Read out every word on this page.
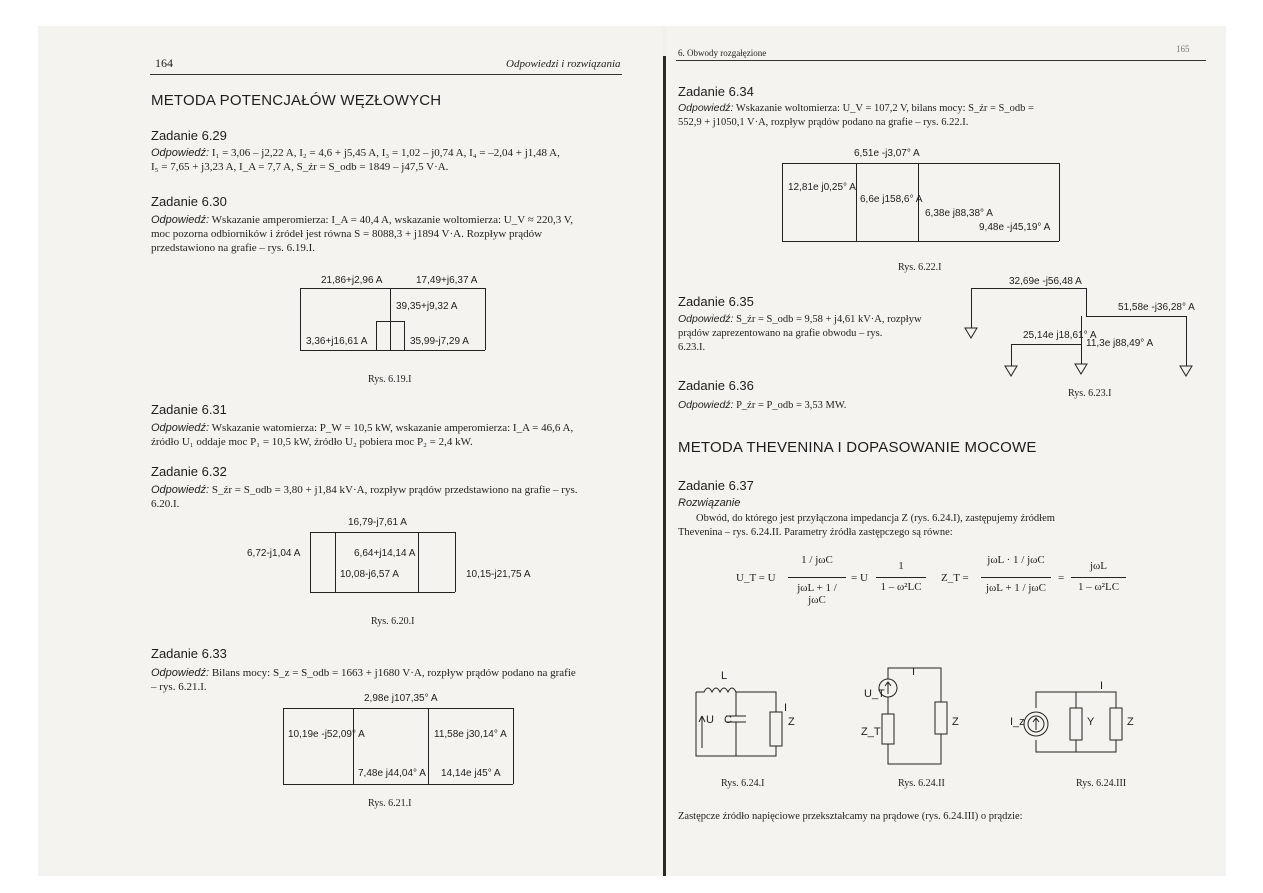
164	Odpowiedzi i rozwiązania
METODA POTENCJAŁÓW WĘZŁOWYCH
Zadanie 6.29
Odpowiedź: I₁ = 3,06 – j2,22 A, I₂ = 4,6 + j5,45 A, I₃ = 1,02 – j0,74 A, I₄ = –2,04 + j1,48 A,
I₅ = 7,65 + j3,23 A, I_A = 7,7 A, S_źr = S_odb = 1849 – j47,5 V·A.
Zadanie 6.30
Odpowiedź: Wskazanie amperomierza: I_A = 40,4 A, wskazanie woltomierza: U_V ≈ 220,3 V,
moc pozorna odbiorników i źródeł jest równa S = 8088,3 + j1894 V·A. Rozpływ prądów
przedstawiono na grafie – rys. 6.19.I.
21,86+j2,96 A	17,49+j6,37 A
39,35+j9,32 A
3,36+j16,61 A	35,99-j7,29 A
Rys. 6.19.I
Zadanie 6.31
Odpowiedź: Wskazanie watomierza: P_W = 10,5 kW, wskazanie amperomierza: I_A = 46,6 A,
źródło U₁ oddaje moc P₁ = 10,5 kW, źródło U₂ pobiera moc P₂ = 2,4 kW.
Zadanie 6.32
Odpowiedź: S_źr = S_odb = 3,80 + j1,84 kV·A, rozpływ prądów przedstawiono na grafie – rys.
6.20.I.
16,79-j7,61 A
6,72-j1,04 A	6,64+j14,14 A
10,08-j6,57 A	10,15-j21,75 A
Rys. 6.20.I
Zadanie 6.33
Odpowiedź: Bilans mocy: S_z = S_odb = 1663 + j1680 V·A, rozpływ prądów podano na grafie
– rys. 6.21.I.
2,98e j107,35° A
10,19e -j52,09° A	11,58e j30,14° A
7,48e j44,04° A 14,14e j45° A
Rys. 6.21.I
6. Obwody rozgałęzione	165
Zadanie 6.34
Odpowiedź: Wskazanie woltomierza: U_V = 107,2 V, bilans mocy: S_źr = S_odb =
552,9 + j1050,1 V·A, rozpływ prądów podano na grafie – rys. 6.22.I.
6,51e -j3,07° A
12,81e j0,25° A
6,6e j158,6° A
6,38e j88,38° A
9,48e -j45,19° A
Rys. 6.22.I
Zadanie 6.35
Odpowiedź: S_źr = S_odb = 9,58 + j4,61 kV·A, rozpływ
prądów zaprezentowano na grafie obwodu – rys.
6.23.I.
32,69e -j56,48 A
51,58e -j36,28° A
25,14e j18,61° A
11,3e j88,49° A
Rys. 6.23.I
Zadanie 6.36
Odpowiedź: P_źr = P_odb = 3,53 MW.
METODA THEVENINA I DOPASOWANIE MOCOWE
Zadanie 6.37
Rozwiązanie
Obwód, do którego jest przyłączona impedancja Z (rys. 6.24.I), zastępujemy źródłem
Thevenina – rys. 6.24.II. Parametry źródła zastępczego są równe:
U_T = U
1 / jωC
jωL + 1 / jωC
= U
1
1 – ω²LC
Z_T =
jωL · 1 / jωC
jωL + 1 / jωC
=
jωL
1 – ω²LC
L
C
U	Z
I
U_T
Z_T
Z
I
I_z	Y	Z
I
Rys. 6.24.I	Rys. 6.24.II	Rys. 6.24.III
Zastępcze źródło napięciowe przekształcamy na prądowe (rys. 6.24.III) o prądzie:
